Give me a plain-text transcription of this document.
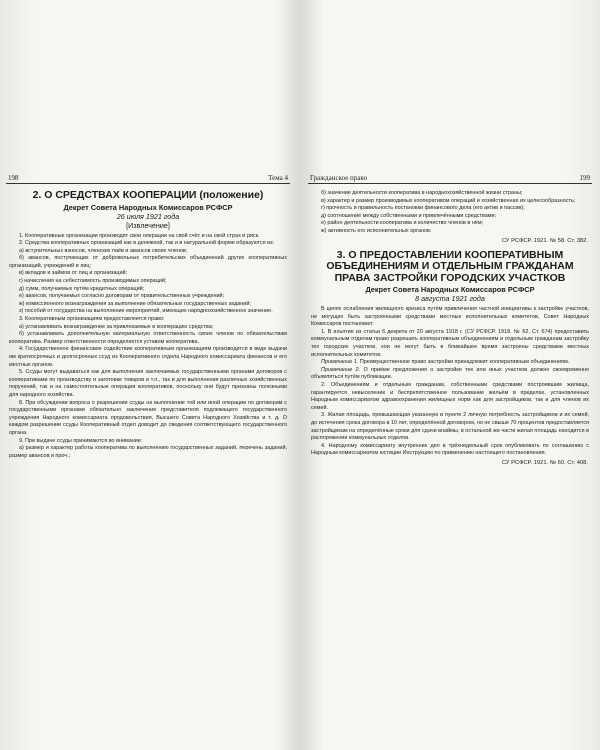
198	Тема 4
2. О СРЕДСТВАХ КООПЕРАЦИИ (положение)
Декрет Совета Народных Комиссаров РСФСР
26 июля 1921 года
[Извлечение]

1. Кооперативные организации производят свои операции на свой счёт и на свой страх и риск.

2. Средства кооперативных организаций как в денежной, так и в натуральной форме образуются из:

а) вступительных взносов, членских паёв и авансов своих членов;

б) авансов, поступающих от добровольных потребительских объединений других кооперативных организаций, учреждений и лиц;

в) вкладов и займов от лиц и организаций;

г) начисления на себестоимость производимых операций;

д) сумм, получаемых путём кредитных операций;

е) авансов, получаемых согласно договорам от правительственных учреждений;

ж) комиссионного вознаграждения за выполнение обязательных государственных заданий;

з) пособий от государства на выполнение мероприятий, имеющих народнохозяйственное значение.

3. Кооперативным организациям предоставляется право:

а) устанавливать вознаграждение за привлекаемые в кооперацию средства;

б) устанавливать дополнительную материальную ответственность своих членов по обязательствам кооператива. Размер ответственности определяется уставом кооператива.

4. Государственное финансовое содействие кооперативным организациям производится в виде выдачи им краткосрочных и долгосрочных ссуд из Кооперативного отдела Народного комиссариата финансов и его местных органов.

5. Ссуды могут выдаваться как для выполнения заключаемых государственными органами договоров с кооперативами по производству и заготовке товаров и т.п., так и для выполнения различных хозяйственных поручений, так и на самостоятельные операции кооперативов, поскольку они будут признаны полезными для народного хозяйства.

8. При обсуждении вопроса о разрешении ссуды на выполнение той или иной операции по договорам с государственными органами обязательно заключение представителя подлежащего государственного учреждения Народного комиссариата продовольствия, Высшего Совета Народного Хозяйства и т. д. О каждом разрешении ссуды Кооперативный отдел доводит до сведения соответствующего государственного органа.

9. При выдаче ссуды принимаются во внимание:

а) размер и характер работы кооператива по выполнению государственных заданий, перечень заданий, размер авансов и проч.;

Гражданское право	199

б) значение деятельности кооператива в народнохозяйственной жизни страны;

в) характер и размер производимых кооперативом операций и хозяйственная их целесообразность;

г) прочность и правильность постановки финансового дела (его актив и пассив);

д) соотношение между собственными и привлечёнными средствами;

е) район деятельности кооператива и количество членов в нём;

ж) активность его исполнительных органов.

СУ РСФСР. 1921. № 58. Ст. 382.
3. О ПРЕДОСТАВЛЕНИИ КООПЕРАТИВНЫМ ОБЪЕДИНЕНИЯМ И ОТДЕЛЬНЫМ ГРАЖДАНАМ ПРАВА ЗАСТРОЙКИ ГОРОДСКИХ УЧАСТКОВ
Декрет Совета Народных Комиссаров РСФСР
8 августа 1921 года

В целях ослабления жилищного кризиса путём привлечения частной инициативы к застройке участков, не могущих быть застроенными средствами местных исполнительных комитетов, Совет Народных Комиссаров постановил:

1. В изъятие из статьи 6 декрета от 20 августа 1918 г. (СУ РСФСР. 1918. № 62. Ст. 674) предоставить коммунальным отделам право разрешать кооперативным объединениям и отдельным гражданам застройку тех городских участков, кои не могут быть в ближайшее время застроены средствами местных исполнительных комитетов.

Примечание 1. Преимущественное право застройки принадлежит кооперативным объединениям.

Примечание 2. О приёме предложения о застройке тех или иных участков должно своевременно объявляться путём публикации.

2. Объединениям и отдельным гражданам, собственными средствами построившим жилища, гарантируется невыселение и беспрепятственное пользование жильём в пределах, установленных Народным комиссариатом здравоохранения жилищных норм как для застройщиков, так и для членов их семей.

3. Жилая площадь, превышающая указанную в пункте 2 личную потребность застройщиков и их семей, до истечения срока договора в 10 лет, определённой договором, но не свыше 70 процентов предоставляется застройщикам на определённые сроки для сдачи внаймы, в остальной же части жилая площадь находится в распоряжении коммунальных отделов.

4. Народному комиссариату внутренних дел в трёхнедельный срок опубликовать по соглашению с Народным комиссариатом юстиции Инструкцию по применению настоящего постановления.

СУ РСФСР. 1921. № 60. Ст. 408.
